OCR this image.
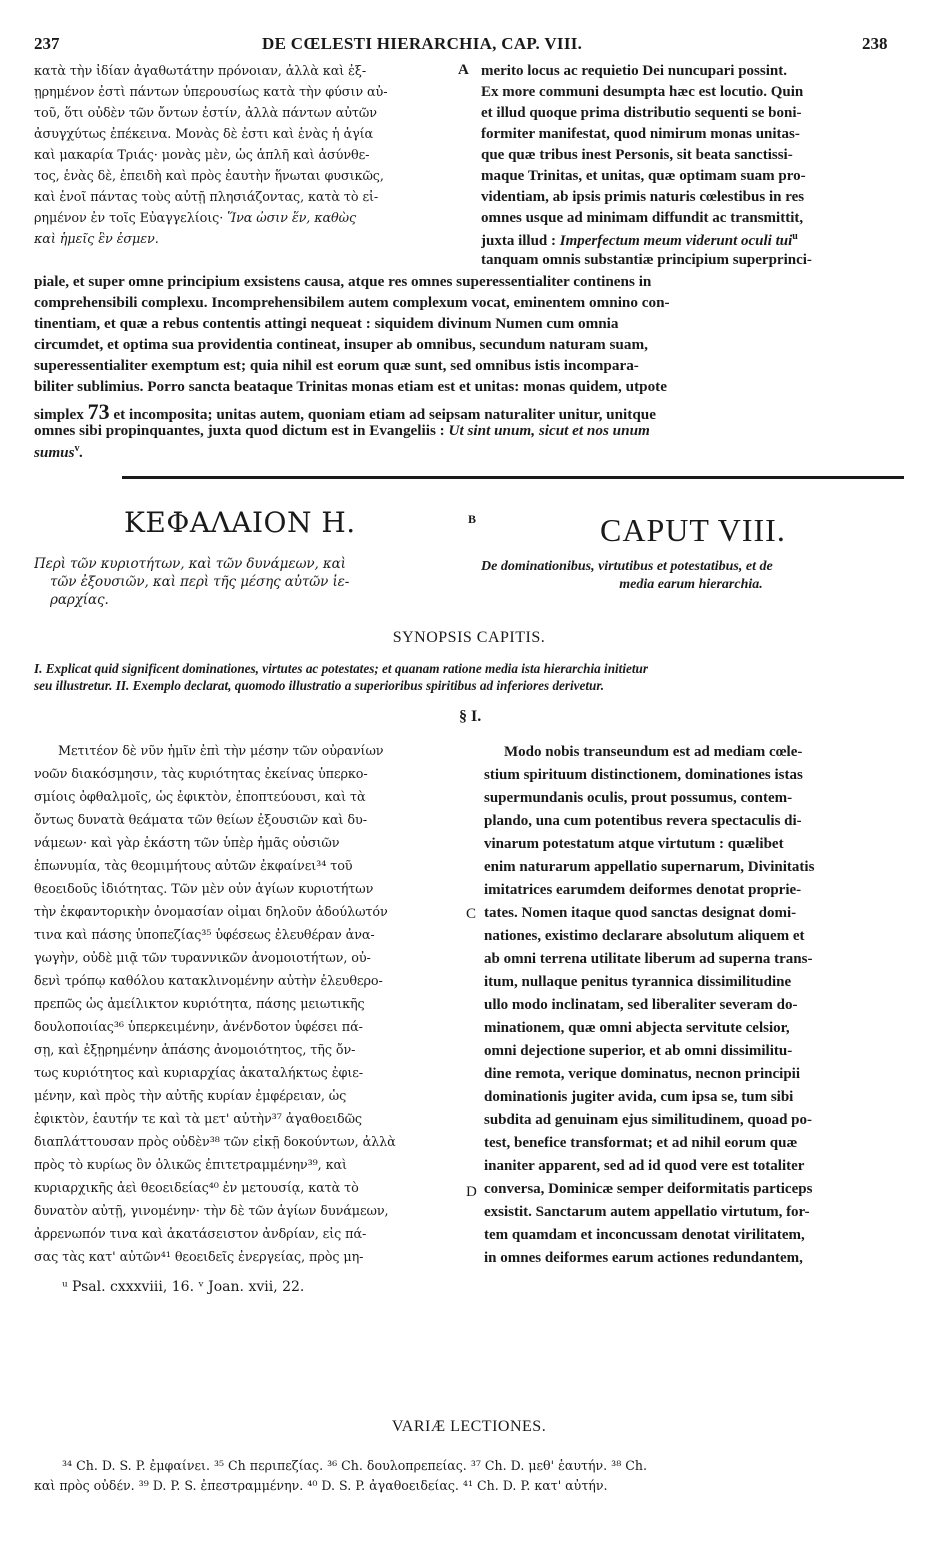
237	DE CŒLESTI HIERARCHIA, CAP. VIII.	238
κατὰ τὴν ἰδίαν ἀγαθωτάτην πρόνοιαν, ἀλλὰ καὶ ἐξ-
ῃρημένον ἐστὶ πάντων ὑπερουσίως κατὰ τὴν φύσιν αὐ-
τοῦ, ὅτι οὐδὲν τῶν ὄντων ἐστίν, ἀλλὰ πάντων αὐτῶν
ἀσυγχύτως ἐπέκεινα. Μονὰς δὲ ἐστι καὶ ἑνὰς ἡ ἁγία
καὶ μακαρία Τριάς· μονὰς μὲν, ὡς ἁπλῆ καὶ ἀσύνθε-
τος, ἑνὰς δὲ, ἐπειδὴ καὶ πρὸς ἑαυτὴν ἥνωται φυσικῶς,
καὶ ἑνοῖ πάντας τοὺς αὐτῇ πλησιάζοντας, κατὰ τὸ εἰ-
ρημένον ἐν τοῖς Εὐαγγελίοις· Ἵνα ὦσιν ἕν, καθὼς
καὶ ἡμεῖς ἓν ἐσμεν.
A merito locus ac requietio Dei nuncupari possint.
Ex more communi desumpta hæc est locutio. Quin
et illud quoque prima distributio sequenti se boni-
formiter manifestat, quod nimirum monas unitas-
que quæ tribus inest Personis, sit beata sanctissi-
maque Trinitas, et unitas, quæ optimam suam pro-
videntiam, ab ipsis primis naturis cœlestibus in res
omnes usque ad minimam diffundit ac transmittit,
juxta illud : Imperfectum meum viderunt oculi tui$^u$
tanquam omnis substantiæ principium superprinci-
piale, et super omne principium exsistens causa, atque res omnes superessentialiter continens in
comprehensibili complexu. Incomprehensibilem autem complexum vocat, eminentem omnino con-
tinentiam, et quæ a rebus contentis attingi nequeat : siquidem divinum Numen cum omnia
circumdet, et optima sua providentia contineat, insuper ab omnibus, secundum naturam suam,
superessentialiter exemptum est; quia nihil est eorum quæ sunt, sed omnibus istis incompara-
biliter sublimius. Porro sancta beataque Trinitas monas etiam est et unitas: monas quidem, utpote
simplex 73 et incomposita; unitas autem, quoniam etiam ad seipsam naturaliter unitur, unitque
omnes sibi propinquantes, juxta quod dictum est in Evangeliis : Ut sint unum, sicut et nos unum
sumus$^v$.
ΚΕΦΑΛΑΙΟΝ Η.	B	CAPUT VIII.
Περὶ τῶν κυριοτήτων, καὶ τῶν δυνάμεων, καὶ
τῶν ἐξουσιῶν, καὶ περὶ τῆς μέσης αὐτῶν ἱε-
ραρχίας.
De dominationibus, virtutibus et potestatibus, et de
media earum hierarchia.
SYNOPSIS CAPITIS.
I. Explicat quid significent dominationes, virtutes ac potestates; et quanam ratione media ista hierarchia initietur
seu illustretur. II. Exemplo declarat, quomodo illustratio a superioribus spiritibus ad inferiores derivetur.
§ I.
Μετιτέον δὲ νῦν ἡμῖν ἐπὶ τὴν μέσην τῶν οὐρανίων
νοῶν διακόσμησιν, τὰς κυριότητας ἐκείνας ὑπερκο-
σμίοις ὀφθαλμοῖς, ὡς ἐφικτὸν, ἐποπτεύουσι, καὶ τὰ
ὄντως δυνατὰ θεάματα τῶν θείων ἐξουσιῶν καὶ δυ-
νάμεων· καὶ γὰρ ἑκάστη τῶν ὑπὲρ ἡμᾶς οὐσιῶν
ἐπωνυμία, τὰς θεομιμήτους αὐτῶν ἐκφαίνει³⁴ τοῦ
θεοειδοῦς ἰδιότητας. Τῶν μὲν οὖν ἁγίων κυριοτήτων
τὴν ἐκφαντορικὴν ὀνομασίαν οἶμαι δηλοῦν ἀδούλωτόν
τινα καὶ πάσης ὑποπεζίας³⁵ ὑφέσεως ἐλευθέραν ἀνα-
γωγὴν, οὐδὲ μιᾷ τῶν τυραννικῶν ἀνομοιοτήτων, οὐ-
δενὶ τρόπῳ καθόλου κατακλινομένην αὐτὴν ἐλευθερο-
πρεπῶς ὡς ἀμείλικτον κυριότητα, πάσης μειωτικῆς
δουλοποιίας³⁶ ὑπερκειμένην, ἀνένδοτον ὑφέσει πά-
σῃ, καὶ ἐξῃρημένην ἁπάσης ἀνομοιότητος, τῆς ὄν-
τως κυριότητος καὶ κυριαρχίας ἀκαταλήκτως ἐφιε-
μένην, καὶ πρὸς τὴν αὐτῆς κυρίαν ἐμφέρειαν, ὡς
ἐφικτὸν, ἑαυτήν τε καὶ τὰ μετ' αὐτὴν³⁷ ἀγαθοειδῶς
διαπλάττουσαν πρὸς οὐδὲν³⁸ τῶν εἰκῇ δοκούντων, ἀλλὰ
πρὸς τὸ κυρίως ὂν ὁλικῶς ἐπιτετραμμένην³⁹, καὶ
κυριαρχικῆς ἀεὶ θεοειδείας⁴⁰ ἐν μετουσίᾳ, κατὰ τὸ
δυνατὸν αὐτῇ, γινομένην· τὴν δὲ τῶν ἁγίων δυνάμεων,
ἀρρενωπόν τινα καὶ ἀκατάσειστον ἀνδρίαν, εἰς πά-
σας τὰς κατ' αὐτῶν⁴¹ θεοειδεῖς ἐνεργείας, πρὸς μη-
C
D
Modo nobis transeundum est ad mediam cœle-
stium spirituum distinctionem, dominationes istas
supermundanis oculis, prout possumus, contem-
plando, una cum potentibus revera spectaculis di-
vinarum potestatum atque virtutum : quælibet
enim naturarum appellatio supernarum, Divinitatis
imitatrices earumdem deiformes denotat proprie-
tates. Nomen itaque quod sanctas designat domi-
nationes, existimo declarare absolutum aliquem et
ab omni terrena utilitate liberum ad superna trans-
itum, nullaque penitus tyrannica dissimilitudine
ullo modo inclinatam, sed liberaliter severam do-
minationem, quæ omni abjecta servitute celsior,
omni dejectione superior, et ab omni dissimilitu-
dine remota, verique dominatus, necnon principii
dominationis jugiter avida, cum ipsa se, tum sibi
subdita ad genuinam ejus similitudinem, quoad po-
test, benefice transformat; et ad nihil eorum quæ
inaniter apparent, sed ad id quod vere est totaliter
conversa, Dominicæ semper deiformitatis particeps
exsistit. Sanctarum autem appellatio virtutum, for-
tem quamdam et inconcussam denotat virilitatem,
in omnes deiformes earum actiones redundantem,
ᵘ Psal. cxxxviii, 16. ᵛ Joan. xvii, 22.
VARIÆ LECTIONES.
³⁴ Ch. D. S. P. ἐμφαίνει. ³⁵ Ch περιπεζίας. ³⁶ Ch. δουλοπρεπείας. ³⁷ Ch. D. μεθ' ἑαυτήν. ³⁸ Ch.
καὶ πρὸς οὐδέν. ³⁹ D. P. S. ἐπεστραμμένην. ⁴⁰ D. S. P. ἀγαθοειδείας. ⁴¹ Ch. D. P. κατ' αὐτήν.
